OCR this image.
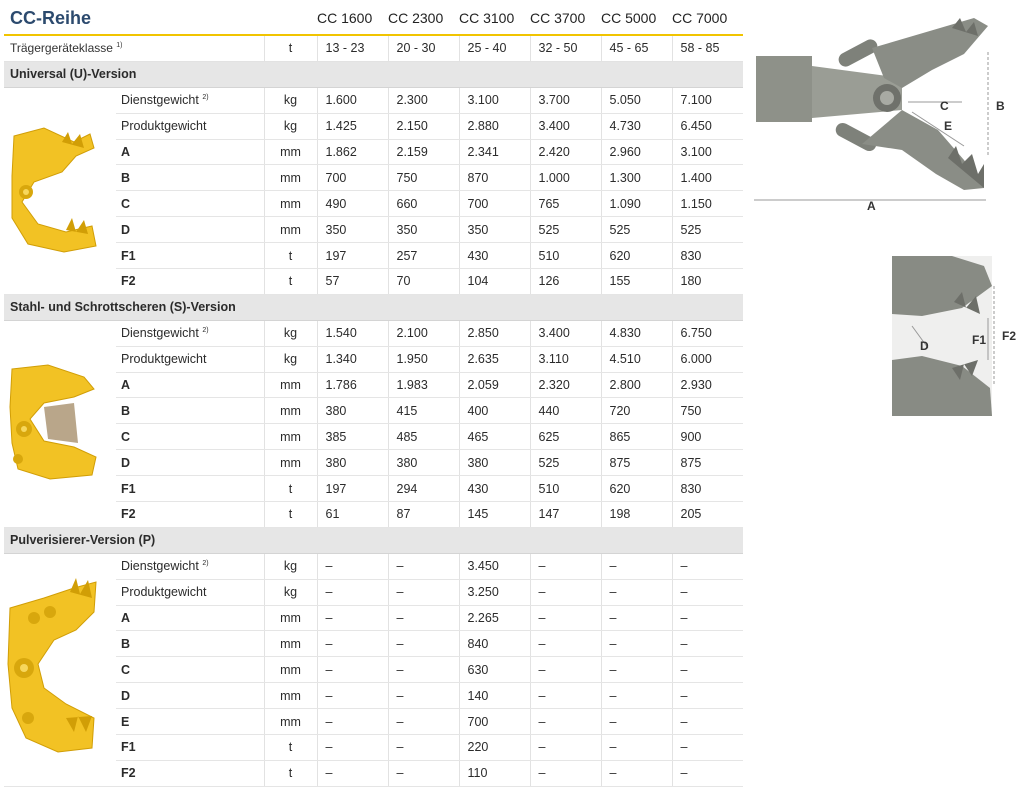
CC-Reihe			CC 1600	CC 2300	CC 3100	CC 3700	CC 5000	CC 7000
Trägergeräteklasse $^{1)}$		t	13 - 23	20 - 30	25 - 40	32 - 50	45 - 65	58 - 85
Universal (U)-Version								
	Dienstgewicht $^{2)}$	kg	1.600	2.300	3.100	3.700	5.050	7.100
	Produktgewicht	kg	1.425	2.150	2.880	3.400	4.730	6.450
	A	mm	1.862	2.159	2.341	2.420	2.960	3.100
	B	mm	700	750	870	1.000	1.300	1.400
	C	mm	490	660	700	765	1.090	1.150
	D	mm	350	350	350	525	525	525
	F1	t	197	257	430	510	620	830
	F2	t	57	70	104	126	155	180
Stahl- und Schrottscheren (S)-Version								
	Dienstgewicht $^{2)}$	kg	1.540	2.100	2.850	3.400	4.830	6.750
	Produktgewicht	kg	1.340	1.950	2.635	3.110	4.510	6.000
	A	mm	1.786	1.983	2.059	2.320	2.800	2.930
	B	mm	380	415	400	440	720	750
	C	mm	385	485	465	625	865	900
	D	mm	380	380	380	525	875	875
	F1	t	197	294	430	510	620	830
	F2	t	61	87	145	147	198	205
Pulverisierer-Version (P)								
	Dienstgewicht $^{2)}$	kg	–	–	3.450	–	–	–
	Produktgewicht	kg	–	–	3.250	–	–	–
	A	mm	–	–	2.265	–	–	–
	B	mm	–	–	840	–	–	–
	C	mm	–	–	630	–	–	–
	D	mm	–	–	140	–	–	–
	E	mm	–	–	700	–	–	–
	F1	t	–	–	220	–	–	–
	F2	t	–	–	110	–	–	–
B
A
C
E
F2
F1
D
